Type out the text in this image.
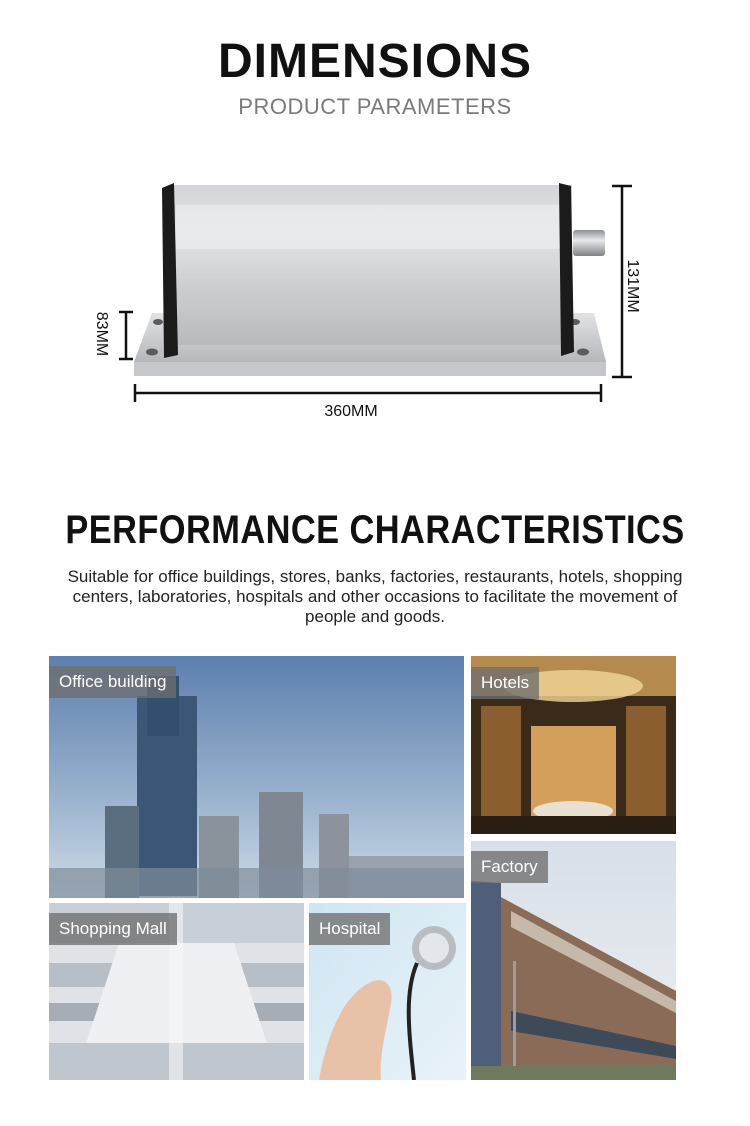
DIMENSIONS
PRODUCT PARAMETERS
360MM
131MM
83MM
PERFORMANCE CHARACTERISTICS
Suitable for office buildings, stores, banks, factories, restaurants, hotels, shopping centers, laboratories, hospitals and other occasions to facilitate the movement of people and goods.
Office building	Hotels
Factory
Shopping Mall	Hospital
